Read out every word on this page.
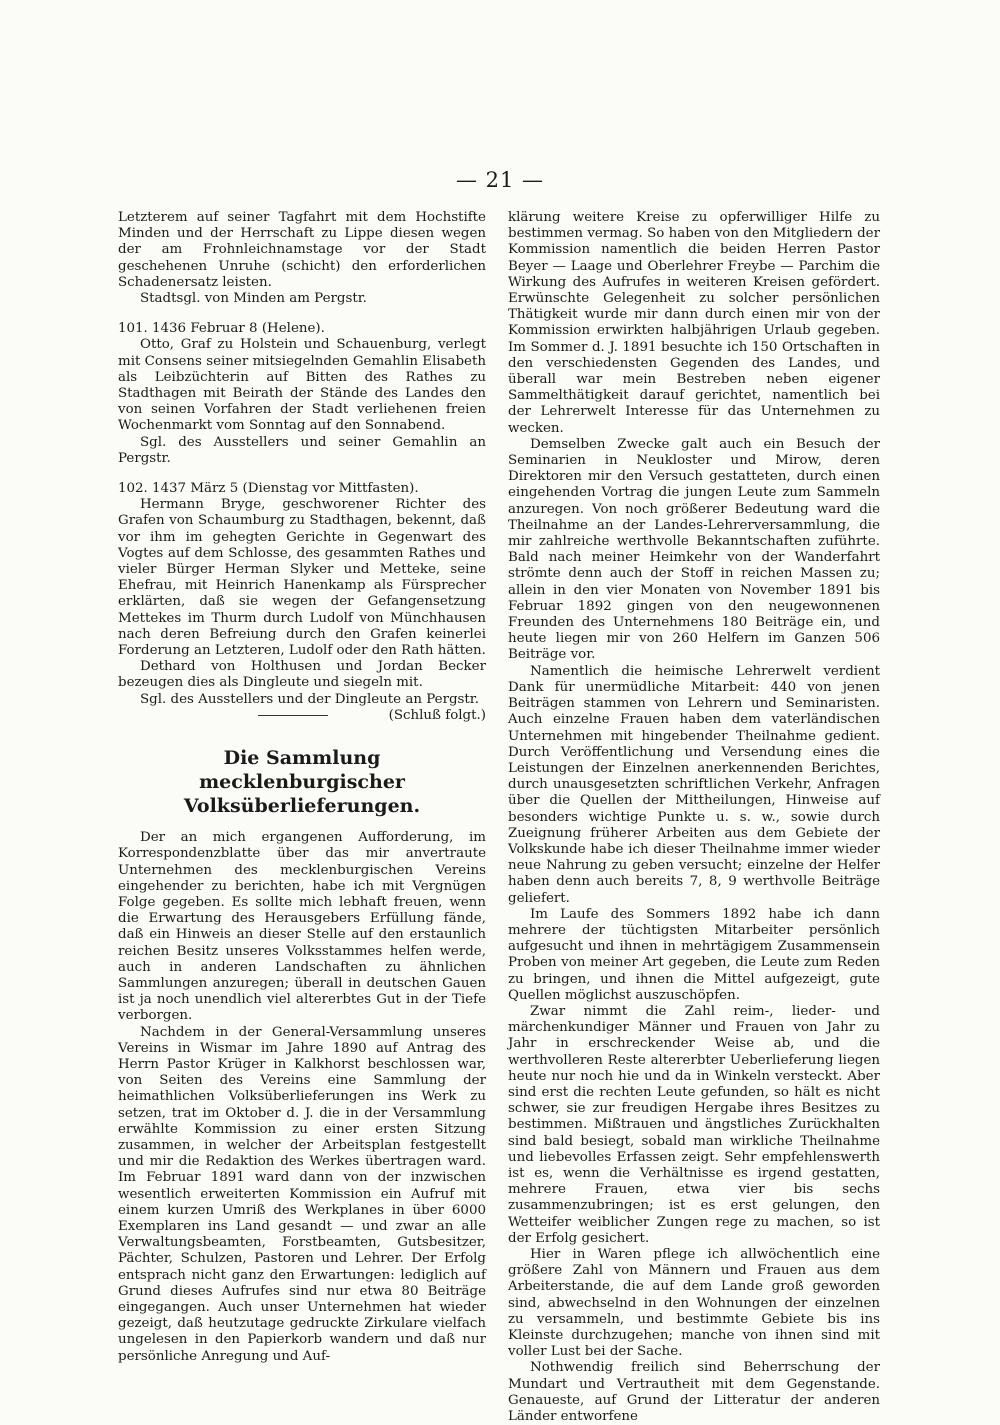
— 21 —

Letzterem auf seiner Tagfahrt mit dem Hochstifte Minden und der Herrschaft zu Lippe diesen wegen der am Frohnleichnamstage vor der Stadt geschehenen Unruhe (schicht) den erforderlichen Schadenersatz leisten.

Stadtsgl. von Minden am Pergstr.

101. 1436 Februar 8 (Helene).

Otto, Graf zu Holstein und Schauenburg, verlegt mit Consens seiner mitsiegelnden Gemahlin Elisabeth als Leibzüchterin auf Bitten des Rathes zu Stadthagen mit Beirath der Stände des Landes den von seinen Vorfahren der Stadt verliehenen freien Wochenmarkt vom Sonntag auf den Sonnabend.

Sgl. des Ausstellers und seiner Gemahlin an Pergstr.

102. 1437 März 5 (Dienstag vor Mittfasten).

Hermann Bryge, geschworener Richter des Grafen von Schaumburg zu Stadthagen, bekennt, daß vor ihm im gehegten Gerichte in Gegenwart des Vogtes auf dem Schlosse, des gesammten Rathes und vieler Bürger Herman Slyker und Metteke, seine Ehefrau, mit Heinrich Hanenkamp als Fürsprecher erklärten, daß sie wegen der Gefangensetzung Mettekes im Thurm durch Ludolf von Münchhausen nach deren Befreiung durch den Grafen keinerlei Forderung an Letzteren, Ludolf oder den Rath hätten.

Dethard von Holthusen und Jordan Becker bezeugen dies als Dingleute und siegeln mit.

Sgl. des Ausstellers und der Dingleute an Pergstr.

(Schluß folgt.)

Die Sammlung mecklenburgischer Volksüberlieferungen.

Der an mich ergangenen Aufforderung, im Korrespondenzblatte über das mir anvertraute Unternehmen des mecklenburgischen Vereins eingehender zu berichten, habe ich mit Vergnügen Folge gegeben. Es sollte mich lebhaft freuen, wenn die Erwartung des Herausgebers Erfüllung fände, daß ein Hinweis an dieser Stelle auf den erstaunlich reichen Besitz unseres Volksstammes helfen werde, auch in anderen Landschaften zu ähnlichen Sammlungen anzuregen; überall in deutschen Gauen ist ja noch unendlich viel altererbtes Gut in der Tiefe verborgen.

Nachdem in der General-Versammlung unseres Vereins in Wismar im Jahre 1890 auf Antrag des Herrn Pastor Krüger in Kalkhorst beschlossen war, von Seiten des Vereins eine Sammlung der heimathlichen Volksüberlieferungen ins Werk zu setzen, trat im Oktober d. J. die in der Versammlung erwählte Kommission zu einer ersten Sitzung zusammen, in welcher der Arbeitsplan festgestellt und mir die Redaktion des Werkes übertragen ward. Im Februar 1891 ward dann von der inzwischen wesentlich erweiterten Kommission ein Aufruf mit einem kurzen Umriß des Werkplanes in über 6000 Exemplaren ins Land gesandt — und zwar an alle Verwaltungsbeamten, Forstbeamten, Gutsbesitzer, Pächter, Schulzen, Pastoren und Lehrer. Der Erfolg entsprach nicht ganz den Erwartungen: lediglich auf Grund dieses Aufrufes sind nur etwa 80 Beiträge eingegangen. Auch unser Unternehmen hat wieder gezeigt, daß heutzutage gedruckte Zirkulare vielfach ungelesen in den Papierkorb wandern und daß nur persönliche Anregung und Auf-

klärung weitere Kreise zu opferwilliger Hilfe zu bestimmen vermag. So haben von den Mitgliedern der Kommission namentlich die beiden Herren Pastor Beyer — Laage und Oberlehrer Freybe — Parchim die Wirkung des Aufrufes in weiteren Kreisen gefördert. Erwünschte Gelegenheit zu solcher persönlichen Thätigkeit wurde mir dann durch einen mir von der Kommission erwirkten halbjährigen Urlaub gegeben. Im Sommer d. J. 1891 besuchte ich 150 Ortschaften in den verschiedensten Gegenden des Landes, und überall war mein Bestreben neben eigener Sammelthätigkeit darauf gerichtet, namentlich bei der Lehrerwelt Interesse für das Unternehmen zu wecken.

Demselben Zwecke galt auch ein Besuch der Seminarien in Neukloster und Mirow, deren Direktoren mir den Versuch gestatteten, durch einen eingehenden Vortrag die jungen Leute zum Sammeln anzuregen. Von noch größerer Bedeutung ward die Theilnahme an der Landes-Lehrerversammlung, die mir zahlreiche werthvolle Bekanntschaften zuführte. Bald nach meiner Heimkehr von der Wanderfahrt strömte denn auch der Stoff in reichen Massen zu; allein in den vier Monaten von November 1891 bis Februar 1892 gingen von den neugewonnenen Freunden des Unternehmens 180 Beiträge ein, und heute liegen mir von 260 Helfern im Ganzen 506 Beiträge vor.

Namentlich die heimische Lehrerwelt verdient Dank für unermüdliche Mitarbeit: 440 von jenen Beiträgen stammen von Lehrern und Seminaristen. Auch einzelne Frauen haben dem vaterländischen Unternehmen mit hingebender Theilnahme gedient. Durch Veröffentlichung und Versendung eines die Leistungen der Einzelnen anerkennenden Berichtes, durch unausgesetzten schriftlichen Verkehr, Anfragen über die Quellen der Mittheilungen, Hinweise auf besonders wichtige Punkte u. s. w., sowie durch Zueignung früherer Arbeiten aus dem Gebiete der Volkskunde habe ich dieser Theilnahme immer wieder neue Nahrung zu geben versucht; einzelne der Helfer haben denn auch bereits 7, 8, 9 werthvolle Beiträge geliefert.

Im Laufe des Sommers 1892 habe ich dann mehrere der tüchtigsten Mitarbeiter persönlich aufgesucht und ihnen in mehrtägigem Zusammensein Proben von meiner Art gegeben, die Leute zum Reden zu bringen, und ihnen die Mittel aufgezeigt, gute Quellen möglichst auszuschöpfen.

Zwar nimmt die Zahl reim-, lieder- und märchenkundiger Männer und Frauen von Jahr zu Jahr in erschreckender Weise ab, und die werthvolleren Reste altererbter Ueberlieferung liegen heute nur noch hie und da in Winkeln versteckt. Aber sind erst die rechten Leute gefunden, so hält es nicht schwer, sie zur freudigen Hergabe ihres Besitzes zu bestimmen. Mißtrauen und ängstliches Zurückhalten sind bald besiegt, sobald man wirkliche Theilnahme und liebevolles Erfassen zeigt. Sehr empfehlenswerth ist es, wenn die Verhältnisse es irgend gestatten, mehrere Frauen, etwa vier bis sechs zusammenzubringen; ist es erst gelungen, den Wetteifer weiblicher Zungen rege zu machen, so ist der Erfolg gesichert.

Hier in Waren pflege ich allwöchentlich eine größere Zahl von Männern und Frauen aus dem Arbeiterstande, die auf dem Lande groß geworden sind, abwechselnd in den Wohnungen der einzelnen zu versammeln, und bestimmte Gebiete bis ins Kleinste durchzugehen; manche von ihnen sind mit voller Lust bei der Sache.

Nothwendig freilich sind Beherrschung der Mundart und Vertrautheit mit dem Gegenstande. Genaueste, auf Grund der Litteratur der anderen Länder entworfene
